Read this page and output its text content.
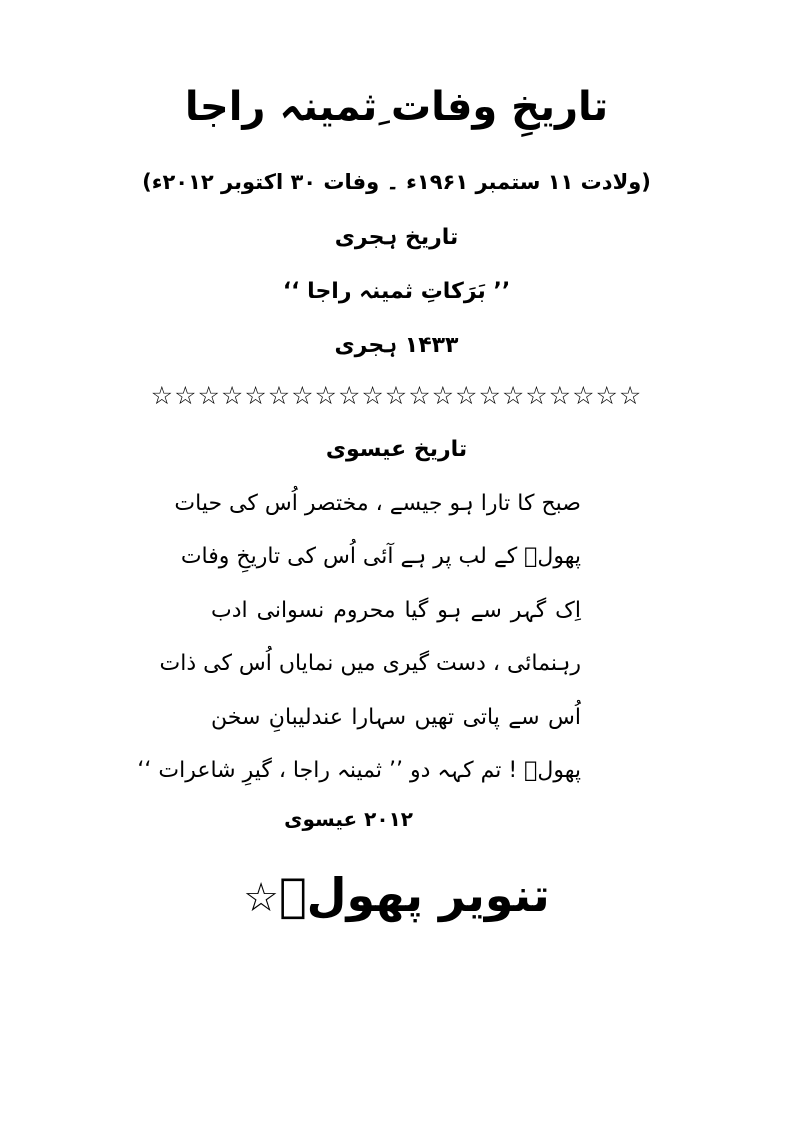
تاریخِ وفات ِثمینہ راجا
(ولادت ۱۱ ستمبر ۱۹۶۱ء ۔ وفات ۳۰ اکتوبر ۲۰۱۲ء)
تاریخ ہجری
’’ بَرَکاتِ ثمینہ راجا ‘‘
۱۴۳۳ ہجری
☆☆☆☆☆☆☆☆☆☆☆☆☆☆☆☆☆☆☆☆☆
تاریخ عیسوی
صبح کا تارا ہو جیسے ، مختصر اُس کی حیات
پھولؔ کے لب پر ہے آئی اُس کی تاریخِ وفات
اِک گہر سے ہو گیا محروم نسوانی ادب
رہنمائی ، دست گیری میں نمایاں اُس کی ذات
اُس سے پاتی تھیں سہارا عندلیبانِ سخن
پھولؔ ! تم کہہ دو ’’ ثمینہ راجا ، گیرِ شاعرات ‘‘
۲۰۱۲ عیسوی
تنویر پھولؔ☆
